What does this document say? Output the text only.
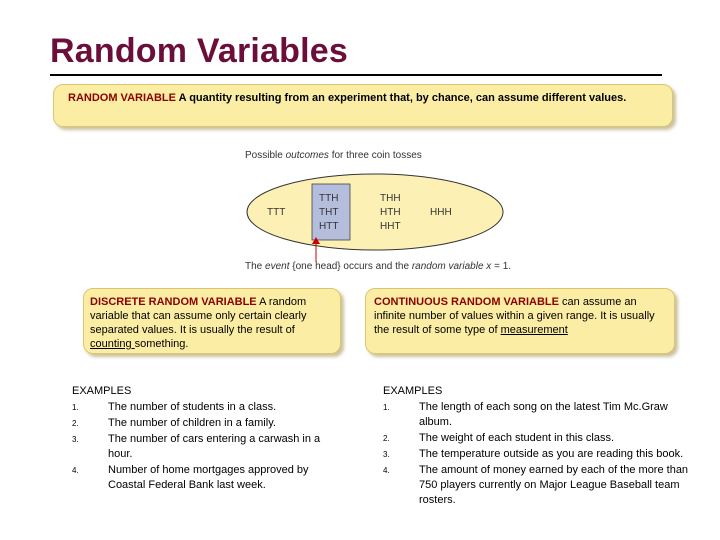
Random Variables
RANDOM VARIABLE A quantity resulting from an experiment that, by chance, can assume different values.
Possible outcomes for three coin tosses
TTT
TTH
THT
HTT
THH
HTH
HHT
HHH
The event {one head} occurs and the random variable x = 1.
DISCRETE RANDOM VARIABLE A random variable that can assume only certain clearly separated values. It is usually the result of counting something.
CONTINUOUS RANDOM VARIABLE can assume an infinite number of values within a given range. It is usually the result of some type of measurement
EXAMPLES
1.	The number of students in a class.
2.	The number of children in a family.
3.	The number of cars entering a carwash in a hour.
4.	Number of home mortgages approved by Coastal Federal Bank last week.
EXAMPLES
1.	The length of each song on the latest Tim Mc.Graw album.
2.	The weight of each student in this class.
3.	The temperature outside as you are reading this book.
4.	The amount of money earned by each of the more than 750 players currently on Major League Baseball team rosters.
